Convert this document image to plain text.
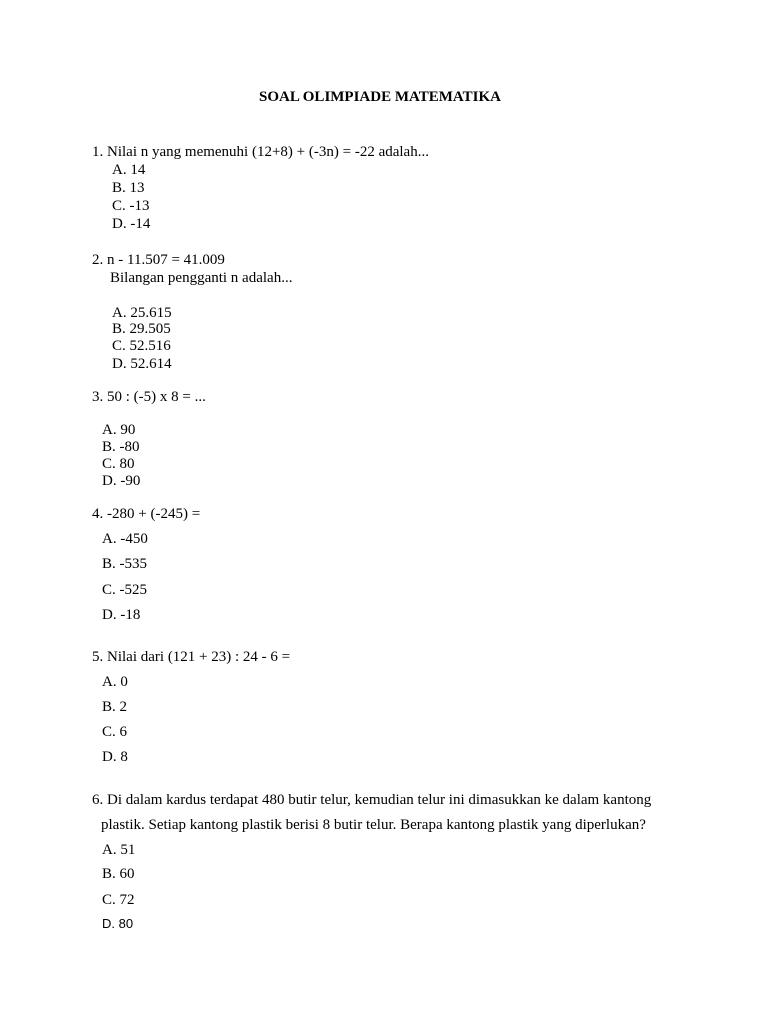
SOAL OLIMPIADE MATEMATIKA
1. Nilai n yang memenuhi (12+8) + (-3n) = -22 adalah...
A. 14
B. 13
C. -13
D. -14
2. n - 11.507 = 41.009
Bilangan pengganti n adalah...
A. 25.615
B. 29.505
C. 52.516
D. 52.614
3. 50 : (-5) x 8 = ...
A. 90
B. -80
C. 80
D. -90
4. -280 + (-245) =
A. -450
B. -535
C. -525
D. -18
5. Nilai dari (121 + 23) : 24 - 6 =
A. 0
B. 2
C. 6
D. 8
6. Di dalam kardus terdapat 480 butir telur, kemudian telur ini dimasukkan ke dalam kantong
plastik. Setiap kantong plastik berisi 8 butir telur. Berapa kantong plastik yang diperlukan?
A. 51
B. 60
C. 72
D. 80
